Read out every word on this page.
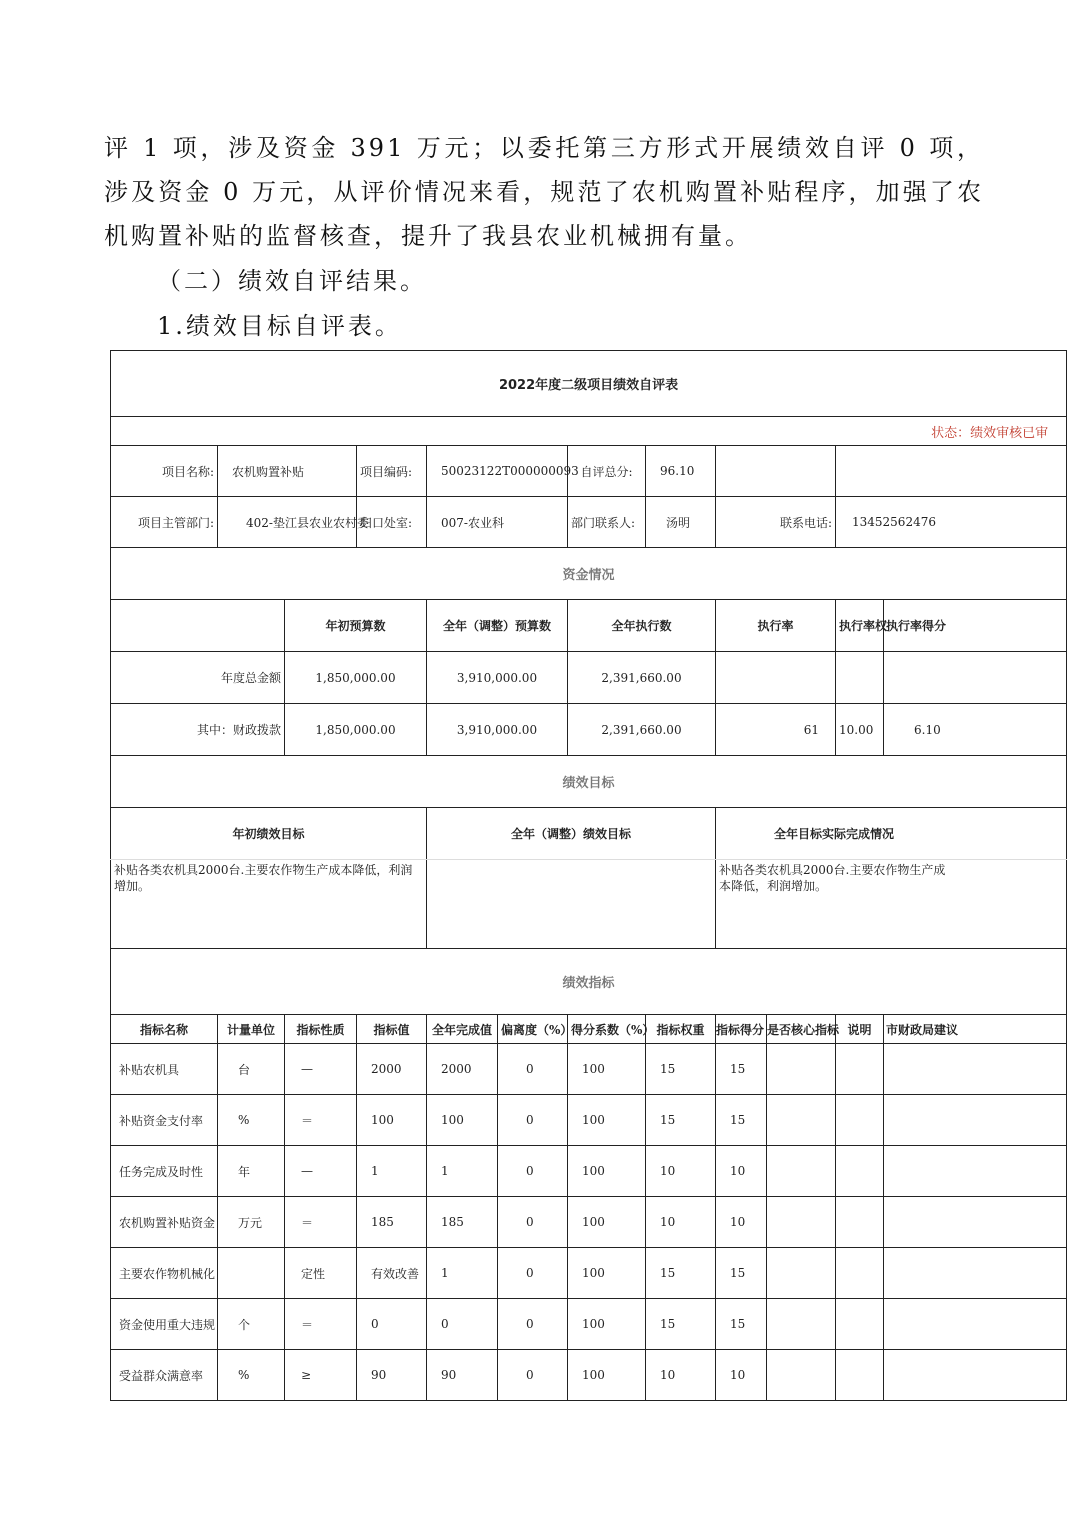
评 1 项，涉及资金 391 万元；以委托第三方形式开展绩效自评 0 项，涉及资金 0 万元，从评价情况来看，规范了农机购置补贴程序，加强了农机购置补贴的监督核查，提升了我县农业机械拥有量。

（二）绩效自评结果。

1.绩效目标自评表。

2022年度二级项目绩效自评表											
状态：绩效审核已审											
项目名称:	农机购置补贴		项目编码:	50023122T000000093		自评总分:	96.10				
项目主管部门:	402-垫江县农业农村委		归口处室:	007-农业科		部门联系人:	汤明	联系电话:		13452562476	
资金情况											
		年初预算数		全年（调整）预算数		全年执行数		执行率		执行率权	执行率得分
年度总金额		1,850,000.00		3,910,000.00		2,391,660.00					
其中：财政拨款		1,850,000.00		3,910,000.00		2,391,660.00		61		10.00	6.10
绩效目标											
年初绩效目标				全年（调整）绩效目标				全年目标实际完成情况			
补贴各类农机具2000台.主要农作物生产成本降低，利润增加。								补贴各类农机具2000台.主要农作物生产成本降低，利润增加。			
绩效指标											
指标名称	计量单位	指标性质	指标值	全年完成值	偏离度（%）	得分系数（%）	指标权重	指标得分	是否核心指标	说明	市财政局建议
补贴农机具	台	—	2000	2000	0	100	15	15			
补贴资金支付率	%	＝	100	100	0	100	15	15			
任务完成及时性	年	—	1	1	0	100	10	10			
农机购置补贴资金	万元	＝	185	185	0	100	10	10			
主要农作物机械化		定性	有效改善	1	0	100	15	15			
资金使用重大违规	个	＝	0	0	0	100	15	15			
受益群众满意率	%	≥	90	90	0	100	10	10			
